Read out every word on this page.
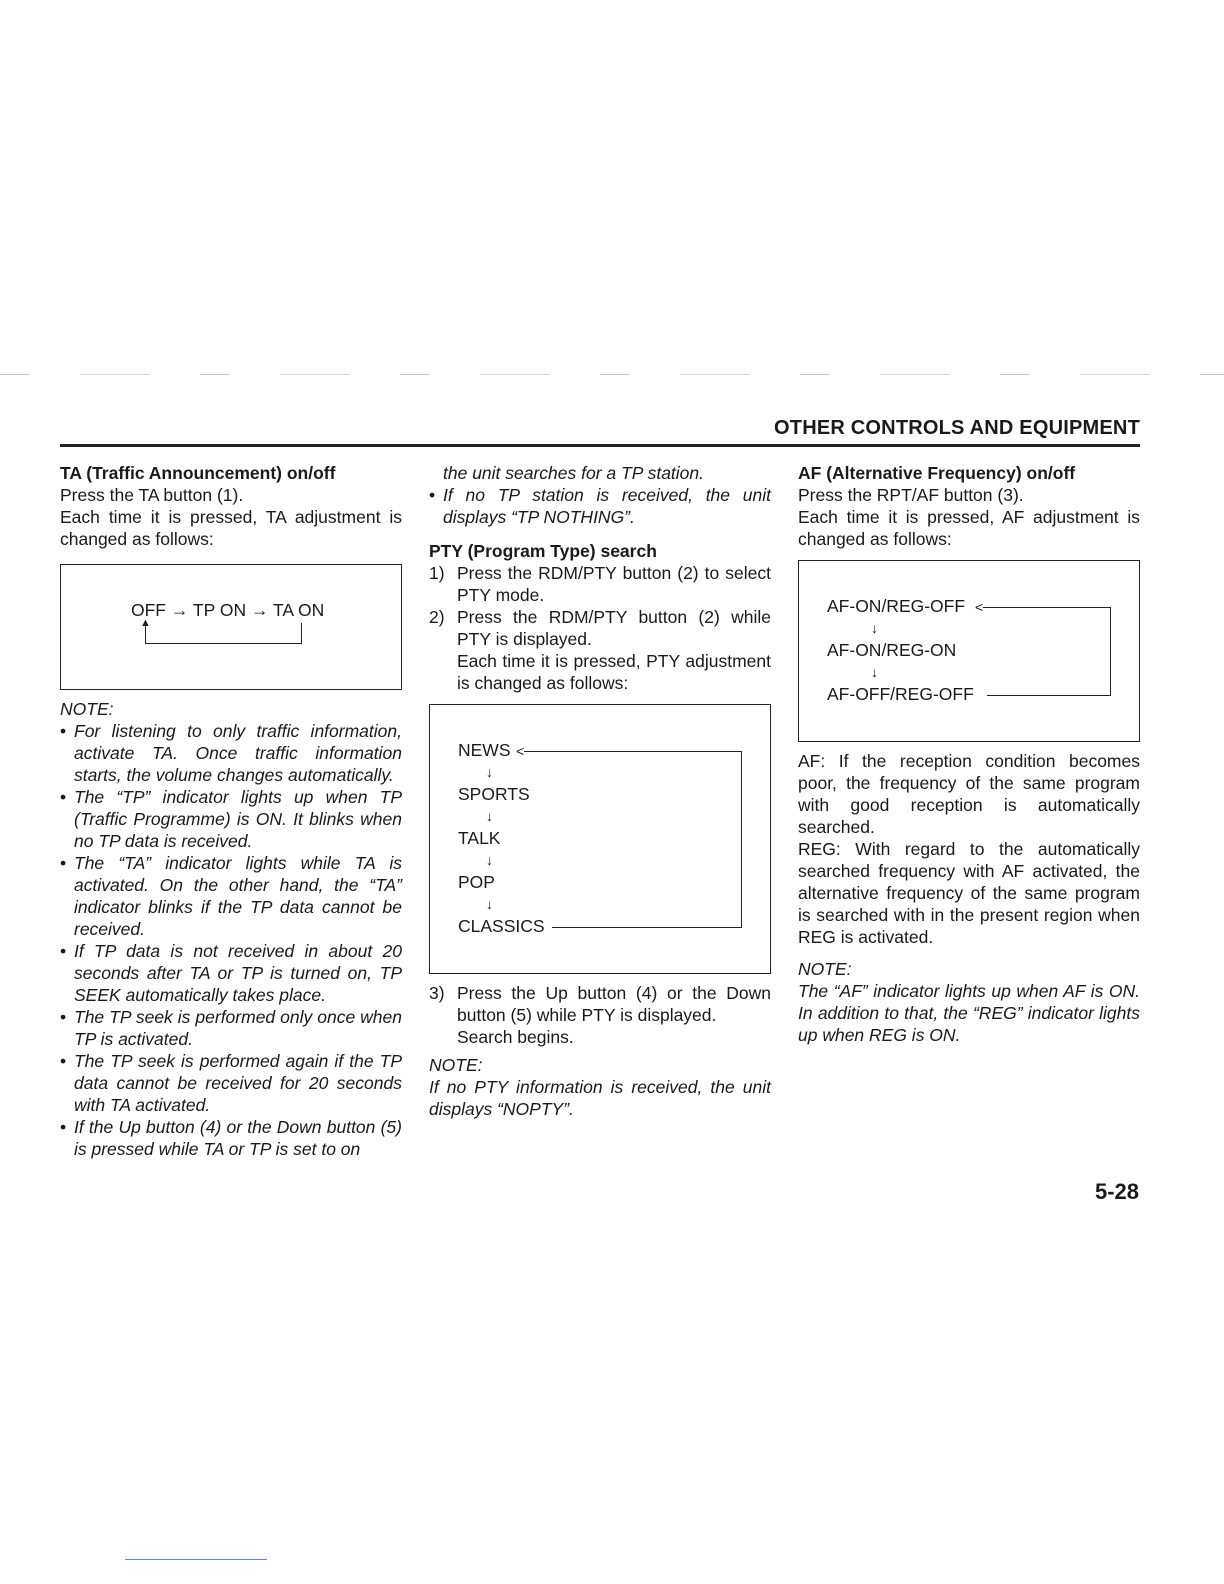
OTHER CONTROLS AND EQUIPMENT

TA (Traffic Announcement) on/off

Press the TA button (1).

Each time it is pressed, TA adjustment is changed as follows:

OFF → TP ON → TA ON
▲

NOTE:

• For listening to only traffic information, activate TA. Once traffic information starts, the volume changes automatically.
• The “TP” indicator lights up when TP (Traffic Programme) is ON. It blinks when no TP data is received.
• The “TA” indicator lights while TA is activated. On the other hand, the “TA” indicator blinks if the TP data cannot be received.
• If TP data is not received in about 20 seconds after TA or TP is turned on, TP SEEK automatically takes place.
• The TP seek is performed only once when TP is activated.
• The TP seek is performed again if the TP data cannot be received for 20 seconds with TA activated.
• If the Up button (4) or the Down button (5) is pressed while TA or TP is set to on

the unit searches for a TP station.

• If no TP station is received, the unit displays “TP NOTHING”.

PTY (Program Type) search

1) Press the RDM/PTY button (2) to select PTY mode.
2) Press the RDM/PTY button (2) while PTY is displayed.
Each time it is pressed, PTY adjustment is changed as follows:
NEWS
↓
SPORTS
↓
TALK
↓
POP
↓
CLASSICS
<
3) Press the Up button (4) or the Down button (5) while PTY is displayed.
Search begins.

NOTE:

If no PTY information is received, the unit displays “NOPTY”.

AF (Alternative Frequency) on/off

Press the RPT/AF button (3).

Each time it is pressed, AF adjustment is changed as follows:

AF-ON/REG-OFF
↓
AF-ON/REG-ON
↓
AF-OFF/REG-OFF
<

AF: If the reception condition becomes poor, the frequency of the same program with good reception is automatically searched.

REG: With regard to the automatically searched frequency with AF activated, the alternative frequency of the same program is searched with in the present region when REG is activated.

NOTE:

The “AF” indicator lights up when AF is ON. In addition to that, the “REG” indicator lights up when REG is ON.

5-28
